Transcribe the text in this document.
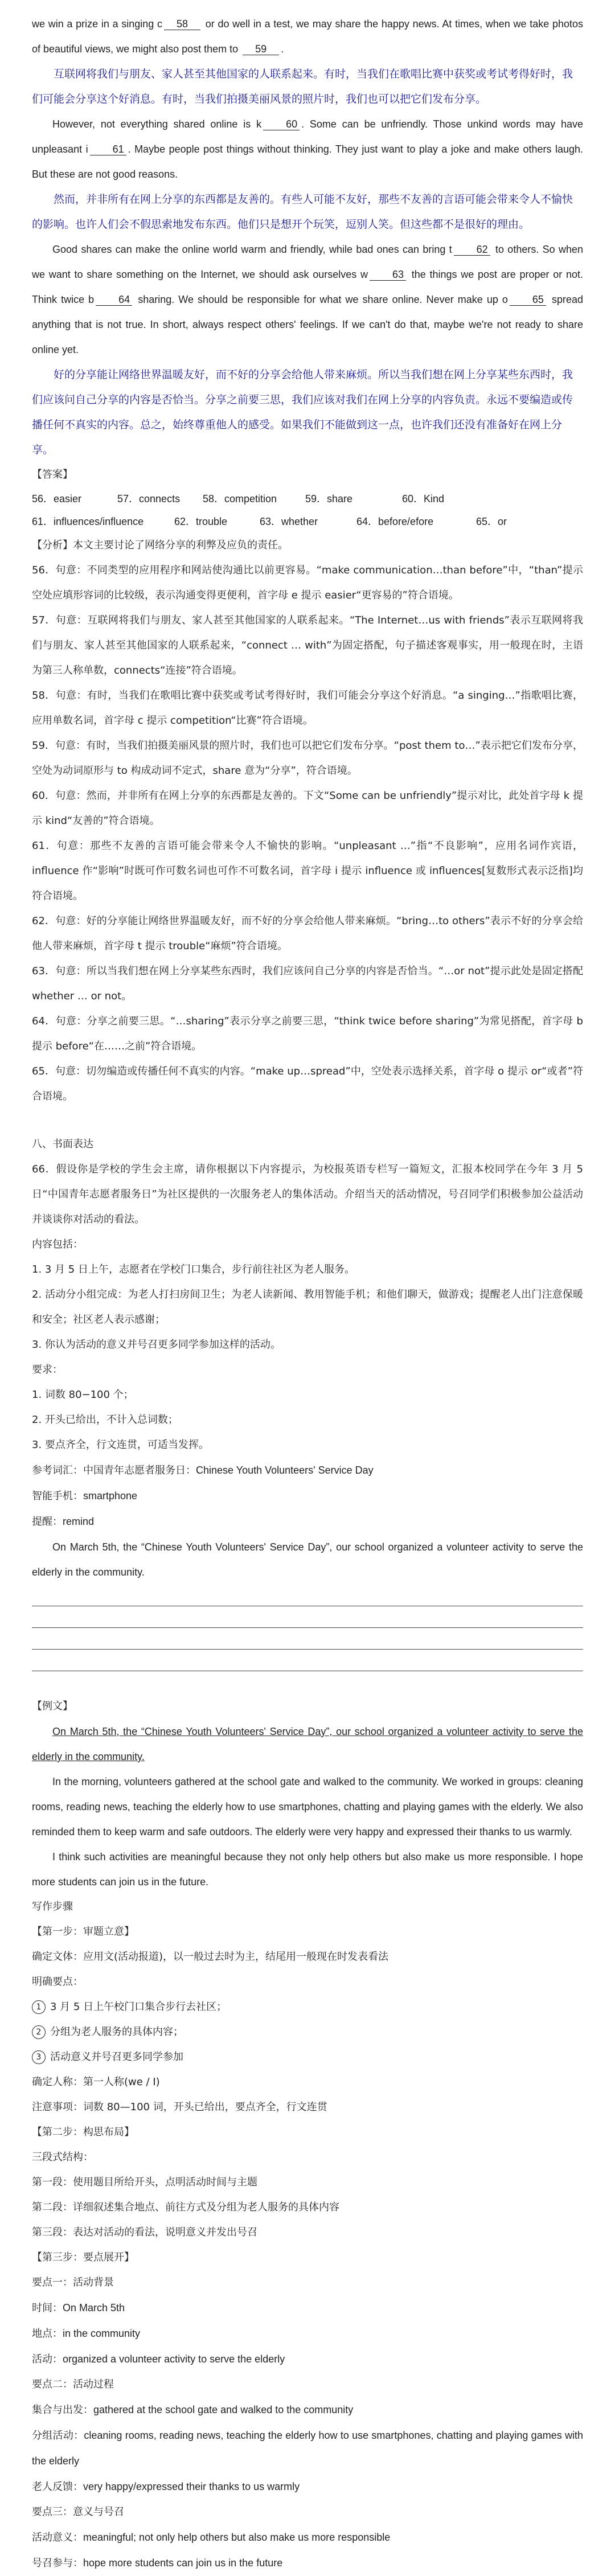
we win a prize in a singing c 58 or do well in a test, we may share the happy news. At times, when we take photos of beautiful views, we might also post them to 59 .

互联网将我们与朋友、家人甚至其他国家的人联系起来。有时，当我们在歌唱比赛中获奖或考试考得好时，我们可能会分享这个好消息。有时，当我们拍摄美丽风景的照片时，我们也可以把它们发布分享。

However, not everything shared online is k 60 . Some can be unfriendly. Those unkind words may have unpleasant i 61 . Maybe people post things without thinking. They just want to play a joke and make others laugh. But these are not good reasons.

然而，并非所有在网上分享的东西都是友善的。有些人可能不友好，那些不友善的言语可能会带来令人不愉快的影响。也许人们会不假思索地发布东西。他们只是想开个玩笑，逗别人笑。但这些都不是很好的理由。

Good shares can make the online world warm and friendly, while bad ones can bring t 62 to others. So when we want to share something on the Internet, we should ask ourselves w 63 the things we post are proper or not. Think twice b 64 sharing. We should be responsible for what we share online. Never make up o 65 spread anything that is not true. In short, always respect others' feelings. If we can't do that, maybe we're not ready to share online yet.

好的分享能让网络世界温暖友好，而不好的分享会给他人带来麻烦。所以当我们想在网上分享某些东西时，我们应该问自己分享的内容是否恰当。分享之前要三思，我们应该对我们在网上分享的内容负责。永远不要编造或传播任何不真实的内容。总之，始终尊重他人的感受。如果我们不能做到这一点，也许我们还没有准备好在网上分享。

【答案】

56．easier	57．connects	58．competition	59．share	60．Kind
61．influences/influence	62．trouble	63．whether	64．before/efore	65．or

【分析】本文主要讨论了网络分享的利弊及应负的责任。

56．句意：不同类型的应用程序和网站使沟通比以前更容易。“make communication…than before”中，“than”提示空处应填形容词的比较级，表示沟通变得更便利，首字母 e 提示 easier“更容易的”符合语境。

57．句意：互联网将我们与朋友、家人甚至其他国家的人联系起来。“The Internet…us with friends”表示互联网将我们与朋友、家人甚至其他国家的人联系起来，“connect … with”为固定搭配，句子描述客观事实，用一般现在时，主语为第三人称单数，connects“连接”符合语境。

58．句意：有时，当我们在歌唱比赛中获奖或考试考得好时，我们可能会分享这个好消息。“a singing…”指歌唱比赛，应用单数名词，首字母 c 提示 competition“比赛”符合语境。

59．句意：有时，当我们拍摄美丽风景的照片时，我们也可以把它们发布分享。“post them to…”表示把它们发布分享，空处为动词原形与 to 构成动词不定式，share 意为“分享”，符合语境。

60．句意：然而，并非所有在网上分享的东西都是友善的。下文“Some can be unfriendly”提示对比，此处首字母 k 提示 kind“友善的”符合语境。

61．句意：那些不友善的言语可能会带来令人不愉快的影响。“unpleasant …”指“不良影响”，应用名词作宾语，influence 作“影响”时既可作可数名词也可作不可数名词，首字母 i 提示 influence 或 influences[复数形式表示泛指]均符合语境。

62．句意：好的分享能让网络世界温暖友好，而不好的分享会给他人带来麻烦。“bring…to others”表示不好的分享会给他人带来麻烦，首字母 t 提示 trouble“麻烦”符合语境。

63．句意：所以当我们想在网上分享某些东西时，我们应该问自己分享的内容是否恰当。“…or not”提示此处是固定搭配 whether … or not。

64．句意：分享之前要三思。“…sharing”表示分享之前要三思，“think twice before sharing”为常见搭配，首字母 b 提示 before“在……之前”符合语境。

65．句意：切勿编造或传播任何不真实的内容。“make up…spread”中，空处表示选择关系，首字母 o 提示 or“或者”符合语境。

八、书面表达

66．假设你是学校的学生会主席，请你根据以下内容提示，为校报英语专栏写一篇短文，汇报本校同学在今年 3 月 5 日“中国青年志愿者服务日”为社区提供的一次服务老人的集体活动。介绍当天的活动情况，号召同学们积极参加公益活动并谈谈你对活动的看法。

内容包括：

1. 3 月 5 日上午，志愿者在学校门口集合，步行前往社区为老人服务。

2. 活动分小组完成：为老人打扫房间卫生；为老人读新闻、教用智能手机；和他们聊天，做游戏；提醒老人出门注意保暖和安全；社区老人表示感谢；

3. 你认为活动的意义并号召更多同学参加这样的活动。

要求：

1. 词数 80−100 个；

2. 开头已给出，不计入总词数；

3. 要点齐全，行文连贯，可适当发挥。

参考词汇：中国青年志愿者服务日：Chinese Youth Volunteers' Service Day

智能手机：smartphone

提醒：remind

On March 5th, the “Chinese Youth Volunteers' Service Day”, our school organized a volunteer activity to serve the elderly in the community.

【例文】

On March 5th, the “Chinese Youth Volunteers' Service Day”, our school organized a volunteer activity to serve the elderly in the community.

In the morning, volunteers gathered at the school gate and walked to the community. We worked in groups: cleaning rooms, reading news, teaching the elderly how to use smartphones, chatting and playing games with the elderly. We also reminded them to keep warm and safe outdoors. The elderly were very happy and expressed their thanks to us warmly.

I think such activities are meaningful because they not only help others but also make us more responsible. I hope more students can join us in the future.

写作步骤

【第一步：审题立意】

确定文体：应用文(活动报道)，以一般过去时为主，结尾用一般现在时发表看法

明确要点：

1 3 月 5 日上午校门口集合步行去社区；

2 分组为老人服务的具体内容；

3 活动意义并号召更多同学参加

确定人称：第一人称(we / I)

注意事项：词数 80—100 词，开头已给出，要点齐全，行文连贯

【第二步：构思布局】

三段式结构：

第一段：使用题目所给开头，点明活动时间与主题

第二段：详细叙述集合地点、前往方式及分组为老人服务的具体内容

第三段：表达对活动的看法，说明意义并发出号召

【第三步：要点展开】

要点一：活动背景

时间：On March 5th

地点：in the community

活动：organized a volunteer activity to serve the elderly

要点二：活动过程

集合与出发：gathered at the school gate and walked to the community

分组活动：cleaning rooms, reading news, teaching the elderly how to use smartphones, chatting and playing games with the elderly

老人反馈：very happy/expressed their thanks to us warmly

要点三：意义与号召

活动意义：meaningful; not only help others but also make us more responsible

号召参与：hope more students can join us in the future
